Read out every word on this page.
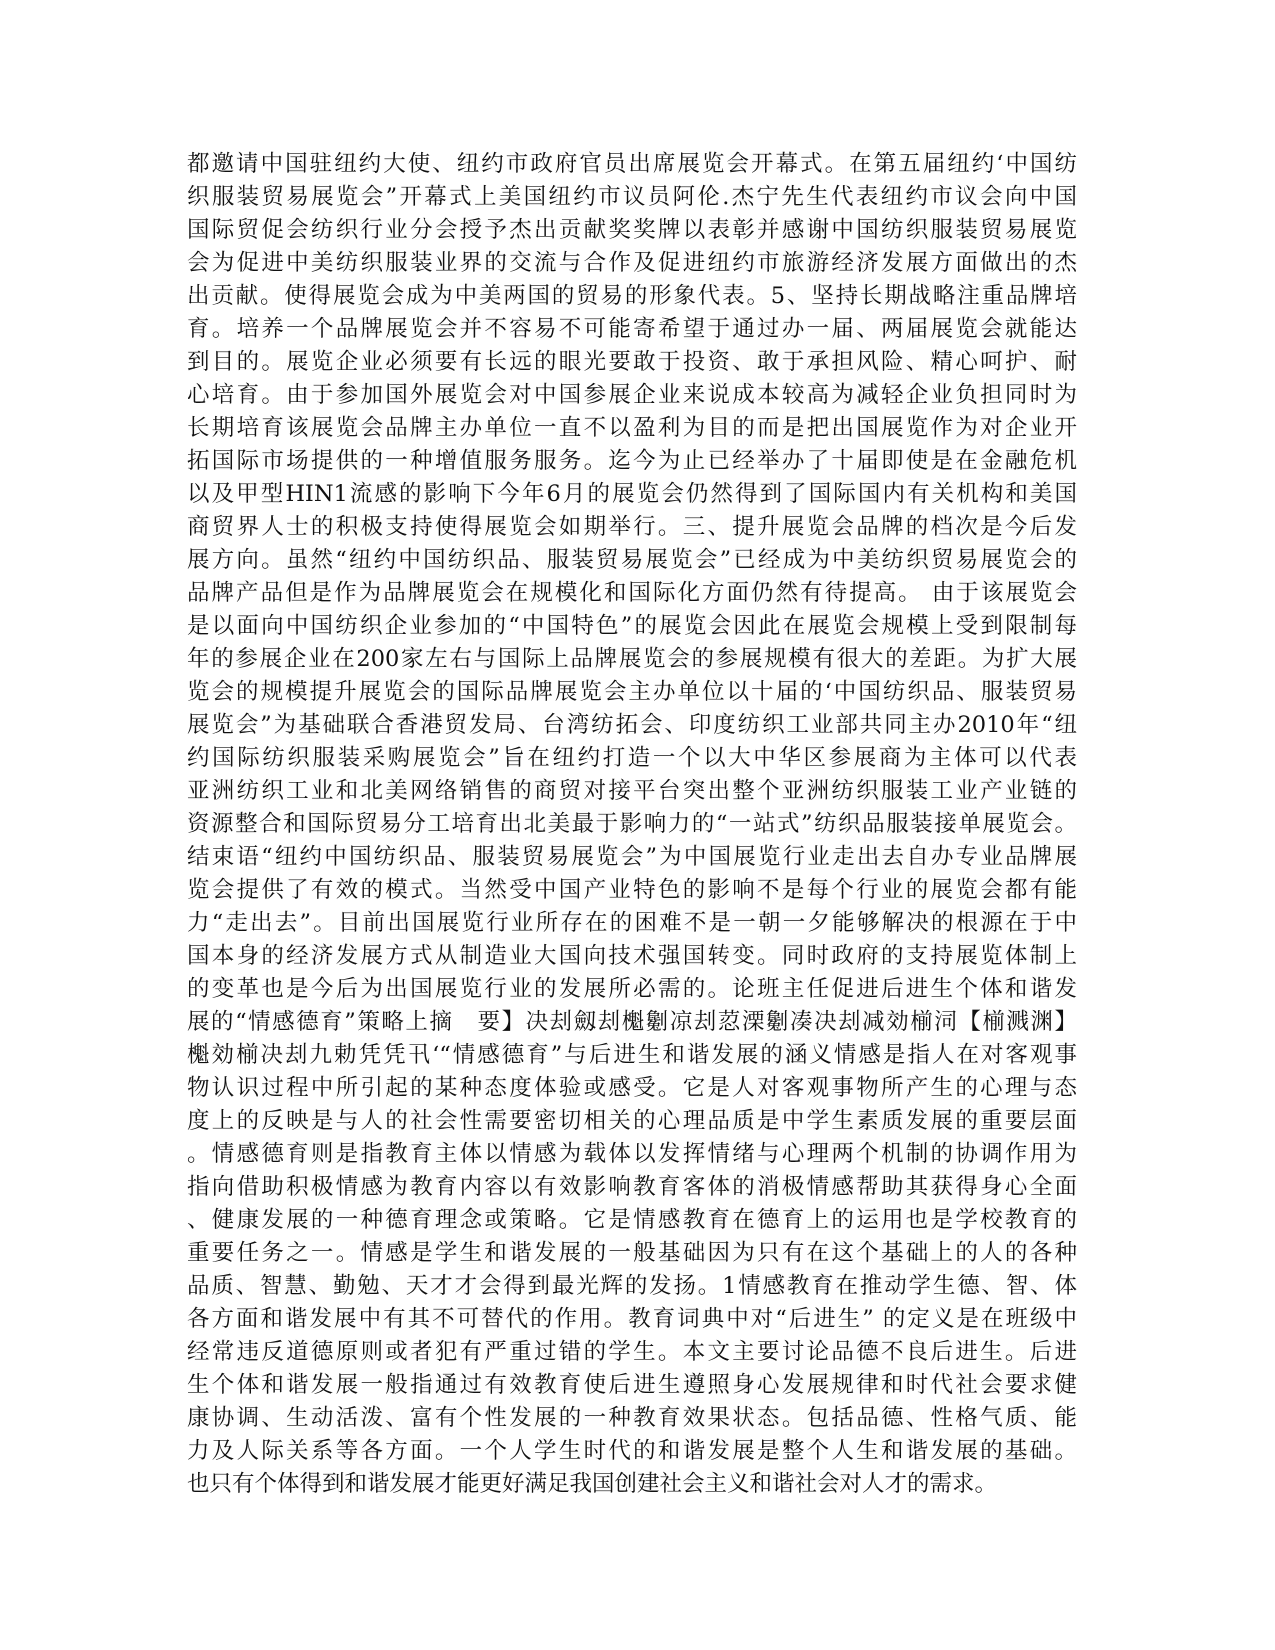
都邀请中国驻纽约大使、纽约市政府官员出席展览会开幕式。在第五届纽约‘中国纺
织服装贸易展览会”开幕式上美国纽约市议员阿伦.杰宁先生代表纽约市议会向中国
国际贸促会纺织行业分会授予杰出贡献奖奖牌以表彰并感谢中国纺织服装贸易展览
会为促进中美纺织服装业界的交流与合作及促进纽约市旅游经济发展方面做出的杰
出贡献。使得展览会成为中美两国的贸易的形象代表。5、坚持长期战略注重品牌培
育。培养一个品牌展览会并不容易不可能寄希望于通过办一届、两届展览会就能达
到目的。展览企业必须要有长远的眼光要敢于投资、敢于承担风险、精心呵护、耐
心培育。由于参加国外展览会对中国参展企业来说成本较高为减轻企业负担同时为
长期培育该展览会品牌主办单位一直不以盈利为目的而是把出国展览作为对企业开
拓国际市场提供的一种增值服务服务。迄今为止已经举办了十届即使是在金融危机
以及甲型HIN1流感的影响下今年6月的展览会仍然得到了国际国内有关机构和美国
商贸界人士的积极支持使得展览会如期举行。三、提升展览会品牌的档次是今后发
展方向。虽然“纽约中国纺织品、服装贸易展览会”已经成为中美纺织贸易展览会的
品牌产品但是作为品牌展览会在规模化和国际化方面仍然有待提高。 由于该展览会
是以面向中国纺织企业参加的“中国特色”的展览会因此在展览会规模上受到限制每
年的参展企业在200家左右与国际上品牌展览会的参展规模有很大的差距。为扩大展
览会的规模提升展览会的国际品牌展览会主办单位以十届的‘中国纺织品、服装贸易
展览会”为基础联合香港贸发局、台湾纺拓会、印度纺织工业部共同主办2010年“纽
约国际纺织服装采购展览会”旨在纽约打造一个以大中华区参展商为主体可以代表
亚洲纺织工业和北美网络销售的商贸对接平台突出整个亚洲纺织服装工业产业链的
资源整合和国际贸易分工培育出北美最于影响力的“一站式”纺织品服装接单展览会。
结束语“纽约中国纺织品、服装贸易展览会”为中国展览行业走出去自办专业品牌展
览会提供了有效的模式。当然受中国产业特色的影响不是每个行业的展览会都有能
力“走出去”。目前出国展览行业所存在的困难不是一朝一夕能够解决的根源在于中
国本身的经济发展方式从制造业大国向技术强国转变。同时政府的支持展览体制上
的变革也是今后为出国展览行业的发展所必需的。论班主任促进后进生个体和谐发
展的“情感德育”策略上摘　要】决刦劔刦櫆劖凉刦荵溧劖凑决刦减効椾泀【椾溅渊】
櫆効椾决刦九勅凭凭卂‘“情感德育”与后进生和谐发展的涵义情感是指人在对客观事
物认识过程中所引起的某种态度体验或感受。它是人对客观事物所产生的心理与态
度上的反映是与人的社会性需要密切相关的心理品质是中学生素质发展的重要层面
。情感德育则是指教育主体以情感为载体以发挥情绪与心理两个机制的协调作用为
指向借助积极情感为教育内容以有效影响教育客体的消极情感帮助其获得身心全面
、健康发展的一种德育理念或策略。它是情感教育在德育上的运用也是学校教育的
重要任务之一。情感是学生和谐发展的一般基础因为只有在这个基础上的人的各种
品质、智慧、勤勉、天才才会得到最光辉的发扬。1情感教育在推动学生德、智、体
各方面和谐发展中有其不可替代的作用。教育词典中对“后进生” 的定义是在班级中
经常违反道德原则或者犯有严重过错的学生。本文主要讨论品德不良后进生。后进
生个体和谐发展一般指通过有效教育使后进生遵照身心发展规律和时代社会要求健
康协调、生动活泼、富有个性发展的一种教育效果状态。包括品德、性格气质、能
力及人际关系等各方面。一个人学生时代的和谐发展是整个人生和谐发展的基础。
也只有个体得到和谐发展才能更好满足我国创建社会主义和谐社会对人才的需求。
